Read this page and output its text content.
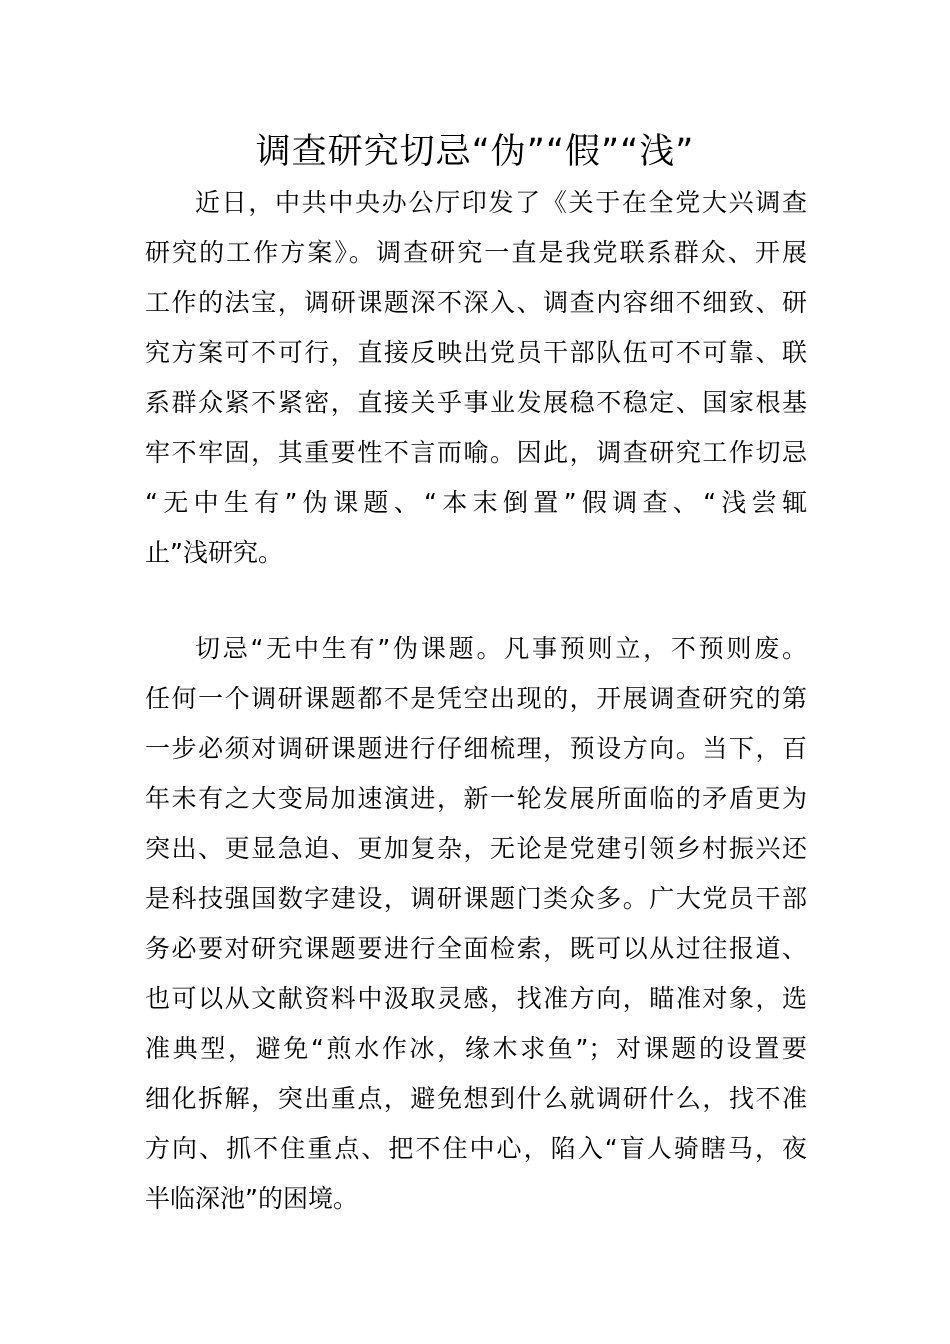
调查研究切忌“伪”“假”“浅”
近日，中共中央办公厅印发了《关于在全党大兴调查
研究的工作方案》。调查研究一直是我党联系群众、开展
工作的法宝，调研课题深不深入、调查内容细不细致、研
究方案可不可行，直接反映出党员干部队伍可不可靠、联
系群众紧不紧密，直接关乎事业发展稳不稳定、国家根基
牢不牢固，其重要性不言而喻。因此，调查研究工作切忌
“无中生有”伪课题、“本末倒置”假调查、“浅尝辄
止”浅研究。
切忌“无中生有”伪课题。凡事预则立，不预则废。
任何一个调研课题都不是凭空出现的，开展调查研究的第
一步必须对调研课题进行仔细梳理，预设方向。当下，百
年未有之大变局加速演进，新一轮发展所面临的矛盾更为
突出、更显急迫、更加复杂，无论是党建引领乡村振兴还
是科技强国数字建设，调研课题门类众多。广大党员干部
务必要对研究课题要进行全面检索，既可以从过往报道、
也可以从文献资料中汲取灵感，找准方向，瞄准对象，选
准典型，避免“煎水作冰，缘木求鱼”；对课题的设置要
细化拆解，突出重点，避免想到什么就调研什么，找不准
方向、抓不住重点、把不住中心，陷入“盲人骑瞎马，夜
半临深池”的困境。
